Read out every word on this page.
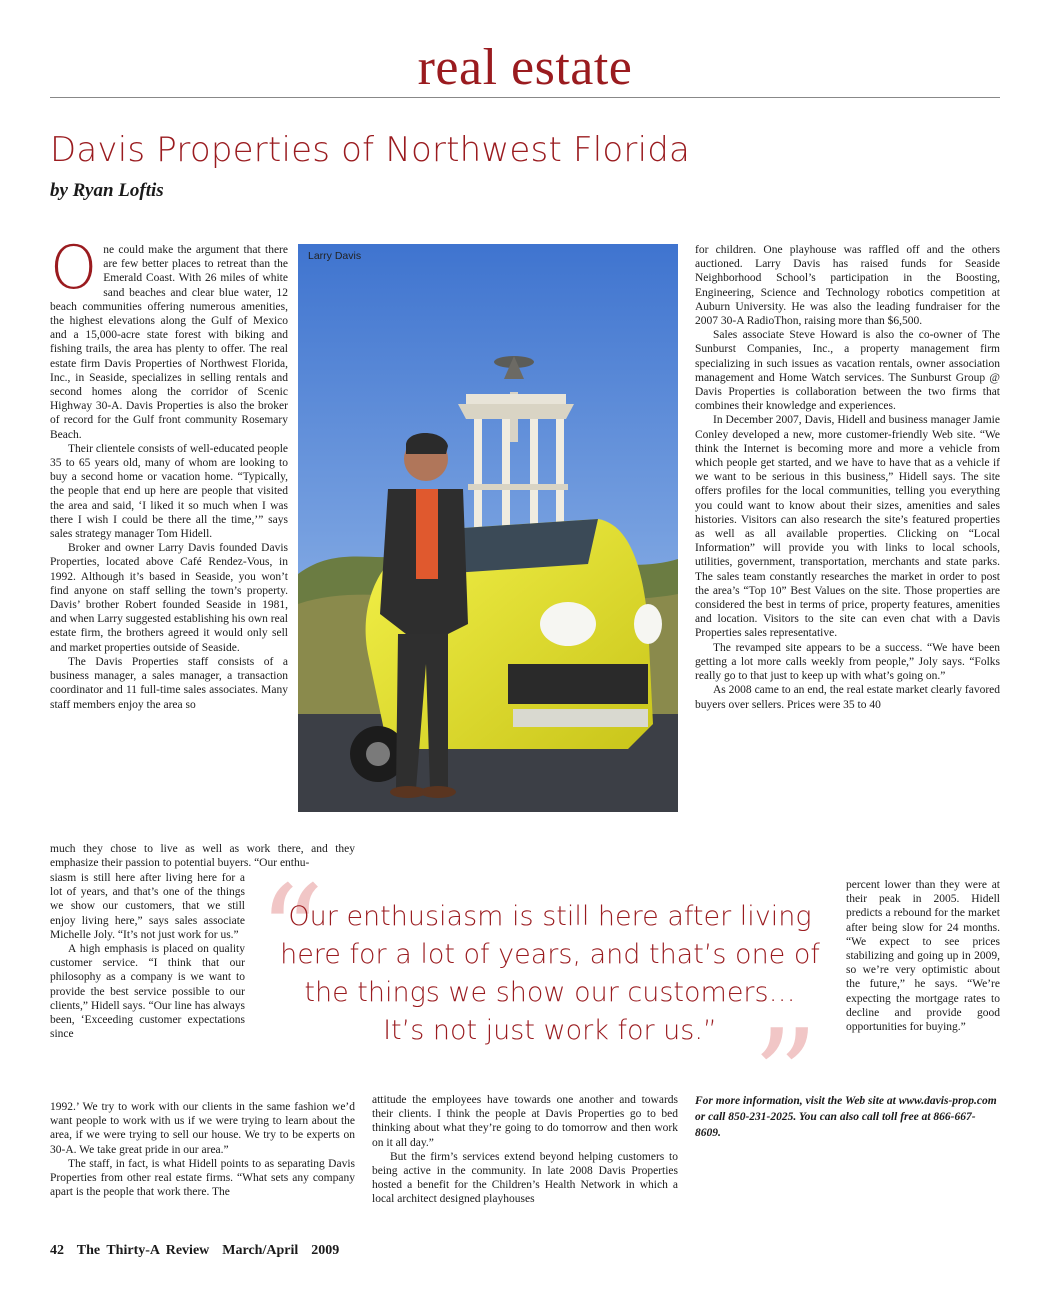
real estate
Davis Properties of Northwest Florida
by Ryan Loftis

One could make the argument that there are few better places to retreat than the Emerald Coast. With 26 miles of white sand beaches and clear blue water, 12 beach communities offering numerous amenities, the highest elevations along the Gulf of Mexico and a 15,000-acre state forest with biking and fishing trails, the area has plenty to offer. The real estate firm Davis Properties of Northwest Florida, Inc., in Seaside, specializes in selling rentals and second homes along the corridor of Scenic Highway 30-A. Davis Properties is also the broker of record for the Gulf front community Rosemary Beach.

Their clientele consists of well-educated people 35 to 65 years old, many of whom are looking to buy a second home or vacation home. “Typically, the people that end up here are people that visited the area and said, ‘I liked it so much when I was there I wish I could be there all the time,’” says sales strategy manager Tom Hidell.

Broker and owner Larry Davis founded Davis Properties, located above Café Rendez-Vous, in 1992. Although it’s based in Seaside, you won’t find anyone on staff selling the town’s property. Davis’ brother Robert founded Seaside in 1981, and when Larry suggested establishing his own real estate firm, the brothers agreed it would only sell and market properties outside of Seaside.

The Davis Properties staff consists of a business manager, a sales manager, a transaction coordinator and 11 full-time sales associates. Many staff members enjoy the area so

much they chose to live as well as work there, and they emphasize their passion to potential buyers. “Our enthu-

siasm is still here after living here for a lot of years, and that’s one of the things we show our customers, that we still enjoy living here,” says sales associate Michelle Joly. “It’s not just work for us.”

A high emphasis is placed on quality customer service. “I think that our philosophy as a company is we want to provide the best service possible to our clients,” Hidell says. “Our line has always been, ‘Exceeding customer expectations since

1992.’ We try to work with our clients in the same fashion we’d want people to work with us if we were trying to learn about the area, if we were trying to sell our house. We try to be experts on 30-A. We take great pride in our area.”

The staff, in fact, is what Hidell points to as separating Davis Properties from other real estate firms. “What sets any company apart is the people that work there. The

Larry Davis

attitude the employees have towards one another and towards their clients. I think the people at Davis Properties go to bed thinking about what they’re going to do tomorrow and then work on it all day.”

But the firm’s services extend beyond helping customers to being active in the community. In late 2008 Davis Properties hosted a benefit for the Children’s Health Network in which a local architect designed playhouses

for children. One playhouse was raffled off and the others auctioned. Larry Davis has raised funds for Seaside Neighborhood School’s participation in the Boosting, Engineering, Science and Technology robotics competition at Auburn University. He was also the leading fundraiser for the 2007 30-A RadioThon, raising more than $6,500.

Sales associate Steve Howard is also the co-owner of The Sunburst Companies, Inc., a property management firm specializing in such issues as vacation rentals, owner association management and Home Watch services. The Sunburst Group @ Davis Properties is collaboration between the two firms that combines their knowledge and experiences.

In December 2007, Davis, Hidell and business manager Jamie Conley developed a new, more customer-friendly Web site. “We think the Internet is becoming more and more a vehicle from which people get started, and we have to have that as a vehicle if we want to be serious in this business,” Hidell says. The site offers profiles for the local communities, telling you everything you could want to know about their sizes, amenities and sales histories. Visitors can also research the site’s featured properties as well as all available properties. Clicking on “Local Information” will provide you with links to local schools, utilities, government, transportation, merchants and state parks. The sales team constantly researches the market in order to post the area’s “Top 10” Best Values on the site. Those properties are considered the best in terms of price, property features, amenities and location. Visitors to the site can even chat with a Davis Properties sales representative.

The revamped site appears to be a success. “We have been getting a lot more calls weekly from people,” Joly says. “Folks really go to that just to keep up with what’s going on.”

As 2008 came to an end, the real estate market clearly favored buyers over sellers. Prices were 35 to 40

percent lower than they were at their peak in 2005. Hidell predicts a rebound for the market after being slow for 24 months. “We expect to see prices stabilizing and going up in 2009, so we’re very optimistic about the future,” he says. “We’re expecting the mortgage rates to decline and provide good opportunities for buying.”

“
”
Our enthusiasm is still here after living here for a lot of years, and that’s one of the things we show our customers… It’s not just work for us.”
For more information, visit the Web site at www.davis-prop.com or call 850-231-2025. You can also call toll free at 866-667-8609.
42 The Thirty-A Review March/April 2009
